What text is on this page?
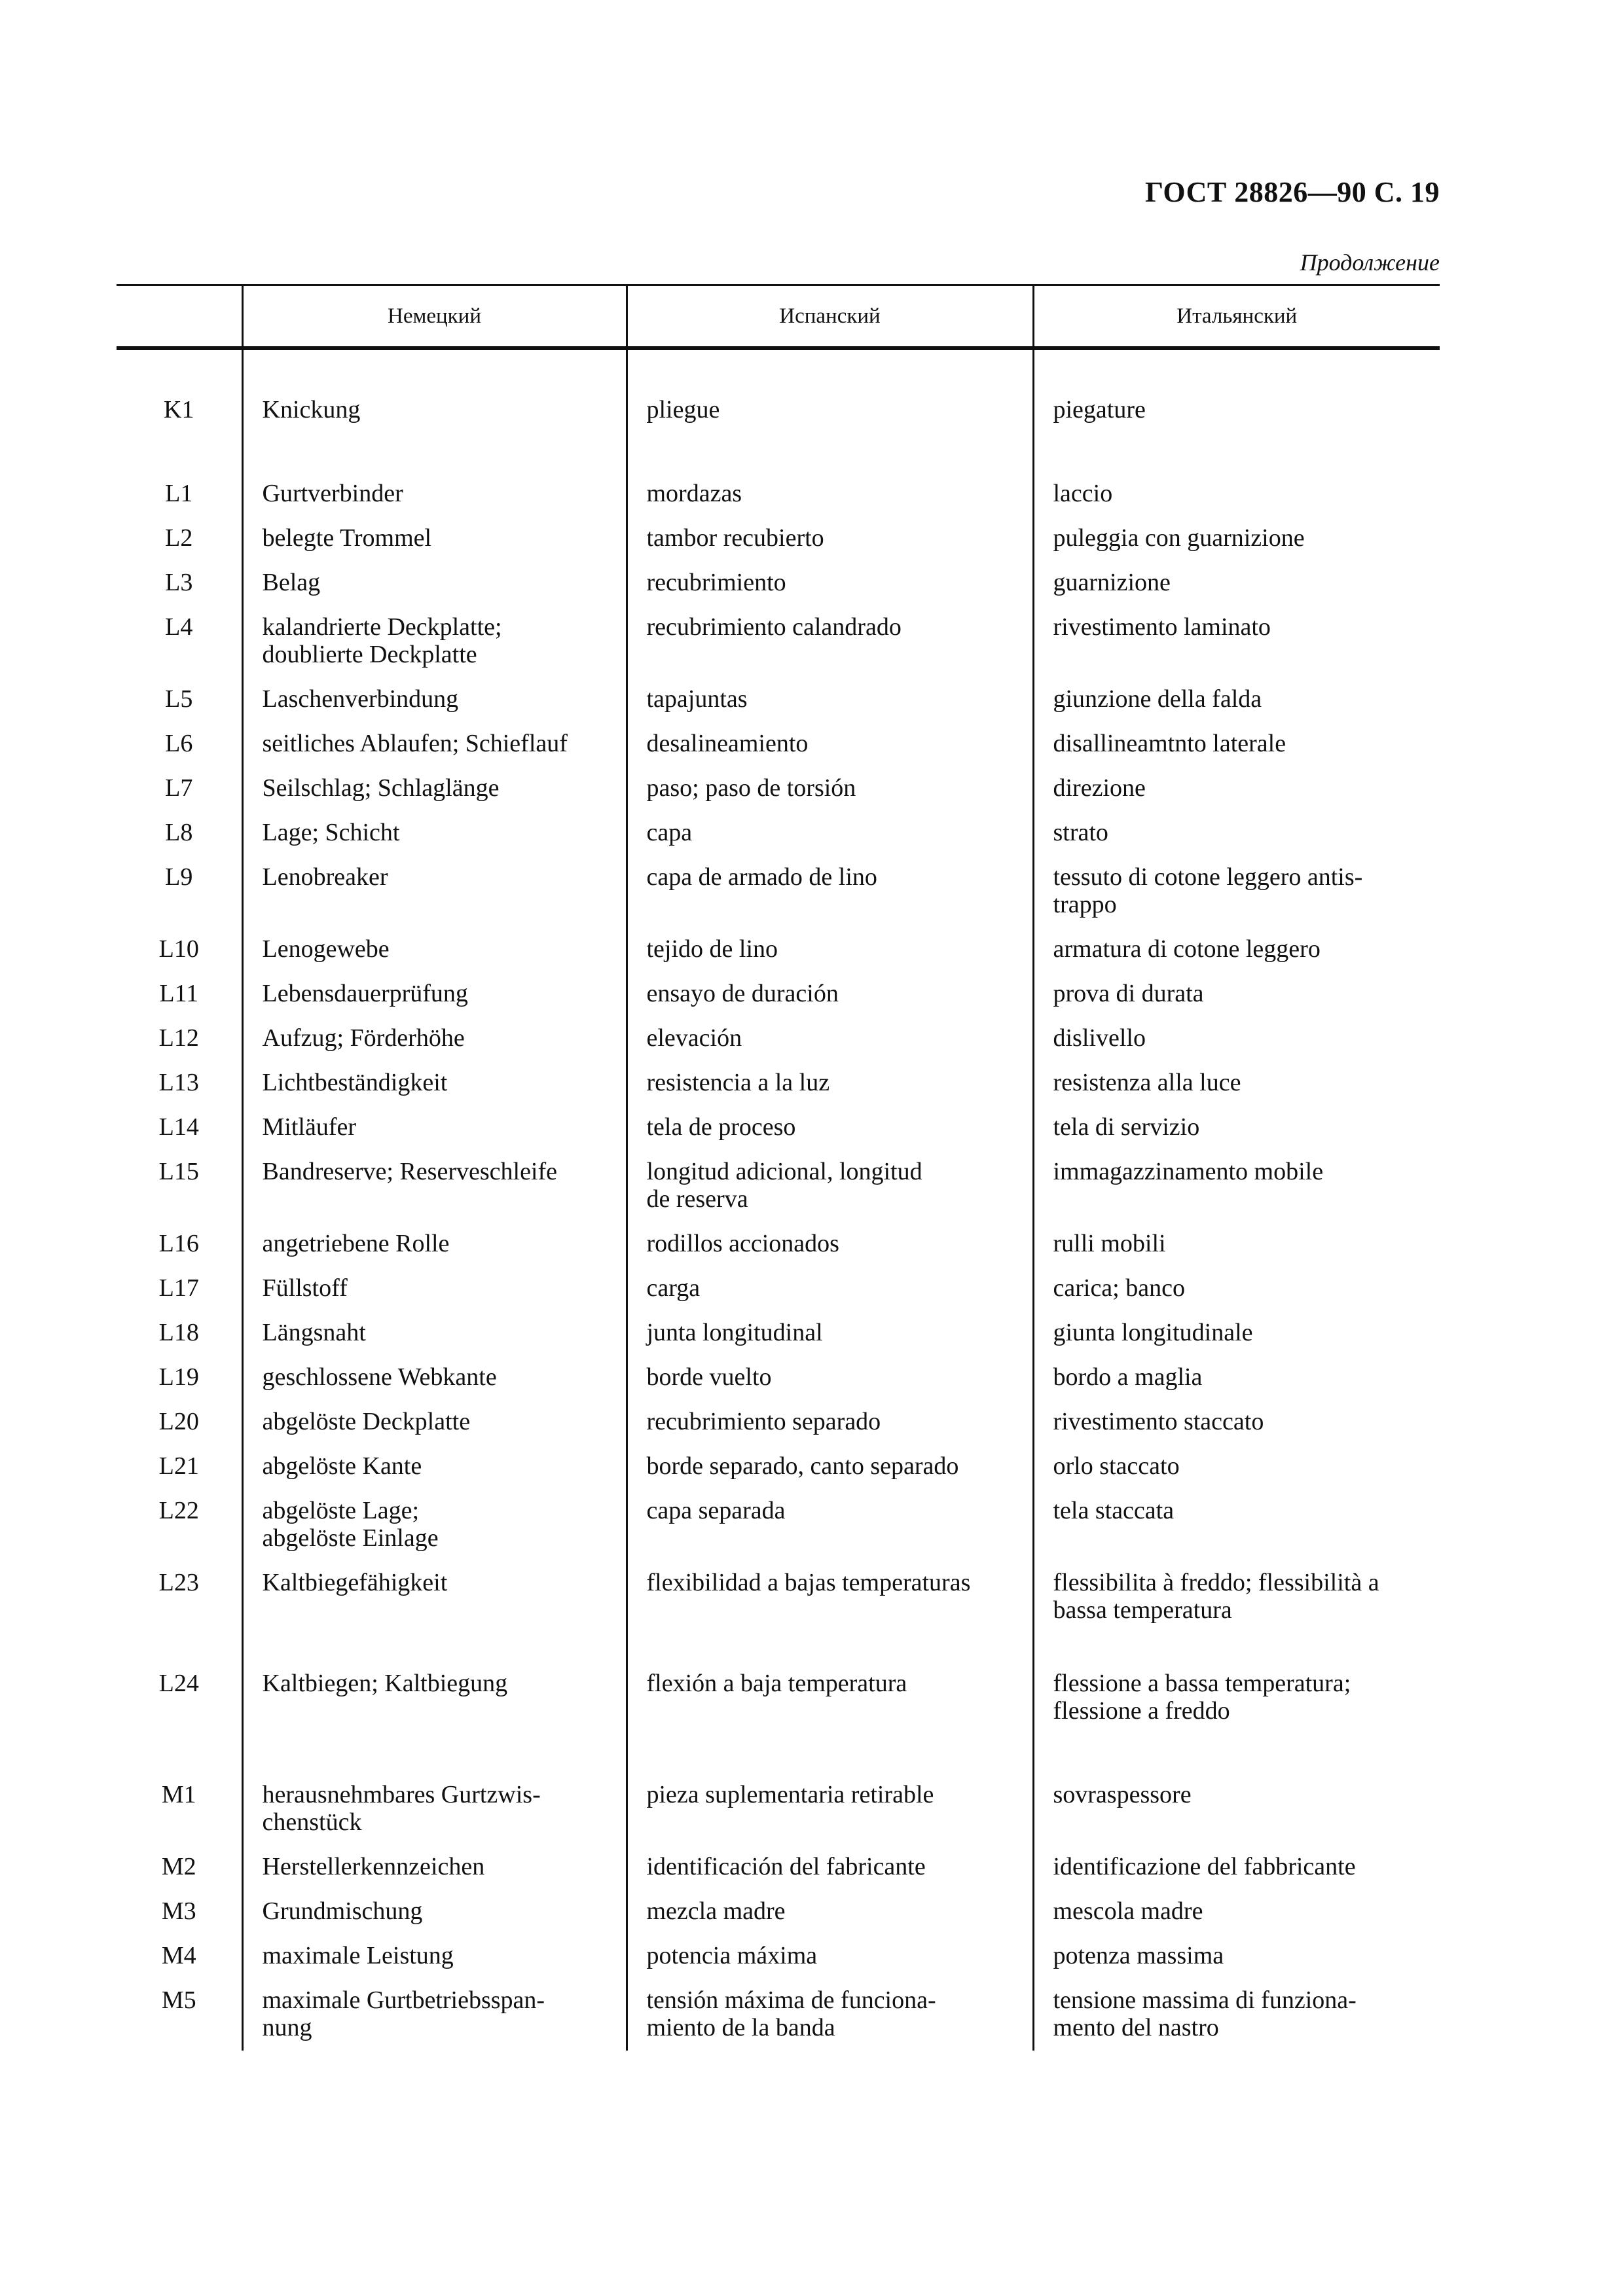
ГОСТ 28826—90 С. 19
Продолжение
	Немецкий	Испанский	Итальянский

K1	Knickung	pliegue	piegature

L1	Gurtverbinder	mordazas	laccio

L2	belegte Trommel	tambor recubierto	puleggia con guarnizione

L3	Belag	recubrimiento	guarnizione

L4	kalandrierte Deckplatte;
doublierte Deckplatte	recubrimiento calandrado	rivestimento laminato

L5	Laschenverbindung	tapajuntas	giunzione della falda

L6	seitliches Ablaufen; Schieflauf	desalineamiento	disallineamtnto laterale

L7	Seilschlag; Schlaglänge	paso; paso de torsión	direzione

L8	Lage; Schicht	capa	strato

L9	Lenobreaker	capa de armado de lino	tessuto di cotone leggero antis-
trappo

L10	Lenogewebe	tejido de lino	armatura di cotone leggero

L11	Lebensdauerprüfung	ensayo de duración	prova di durata

L12	Aufzug; Förderhöhe	elevación	dislivello

L13	Lichtbeständigkeit	resistencia a la luz	resistenza alla luce

L14	Mitläufer	tela de proceso	tela di servizio

L15	Bandreserve; Reserveschleife	longitud adicional, longitud
de reserva	immagazzinamento mobile

L16	angetriebene Rolle	rodillos accionados	rulli mobili

L17	Füllstoff	carga	carica; banco

L18	Längsnaht	junta longitudinal	giunta longitudinale

L19	geschlossene Webkante	borde vuelto	bordo a maglia

L20	abgelöste Deckplatte	recubrimiento separado	rivestimento staccato

L21	abgelöste Kante	borde separado, canto separado	orlo staccato

L22	abgelöste Lage;
abgelöste Einlage	capa separada	tela staccata

L23	Kaltbiegefähigkeit	flexibilidad a bajas temperaturas	flessibilita à freddo; flessibilità a
bassa temperatura

L24	Kaltbiegen; Kaltbiegung	flexión a baja temperatura	flessione a bassa temperatura;
flessione a freddo

M1	herausnehmbares Gurtzwis-
chenstück	pieza suplementaria retirable	sovraspessore

M2	Herstellerkennzeichen	identificación del fabricante	identificazione del fabbricante

M3	Grundmischung	mezcla madre	mescola madre

M4	maximale Leistung	potencia máxima	potenza massima

M5	maximale Gurtbetriebsspan-
nung	tensión máxima de funciona-
miento de la banda	tensione massima di funziona-
mento del nastro
